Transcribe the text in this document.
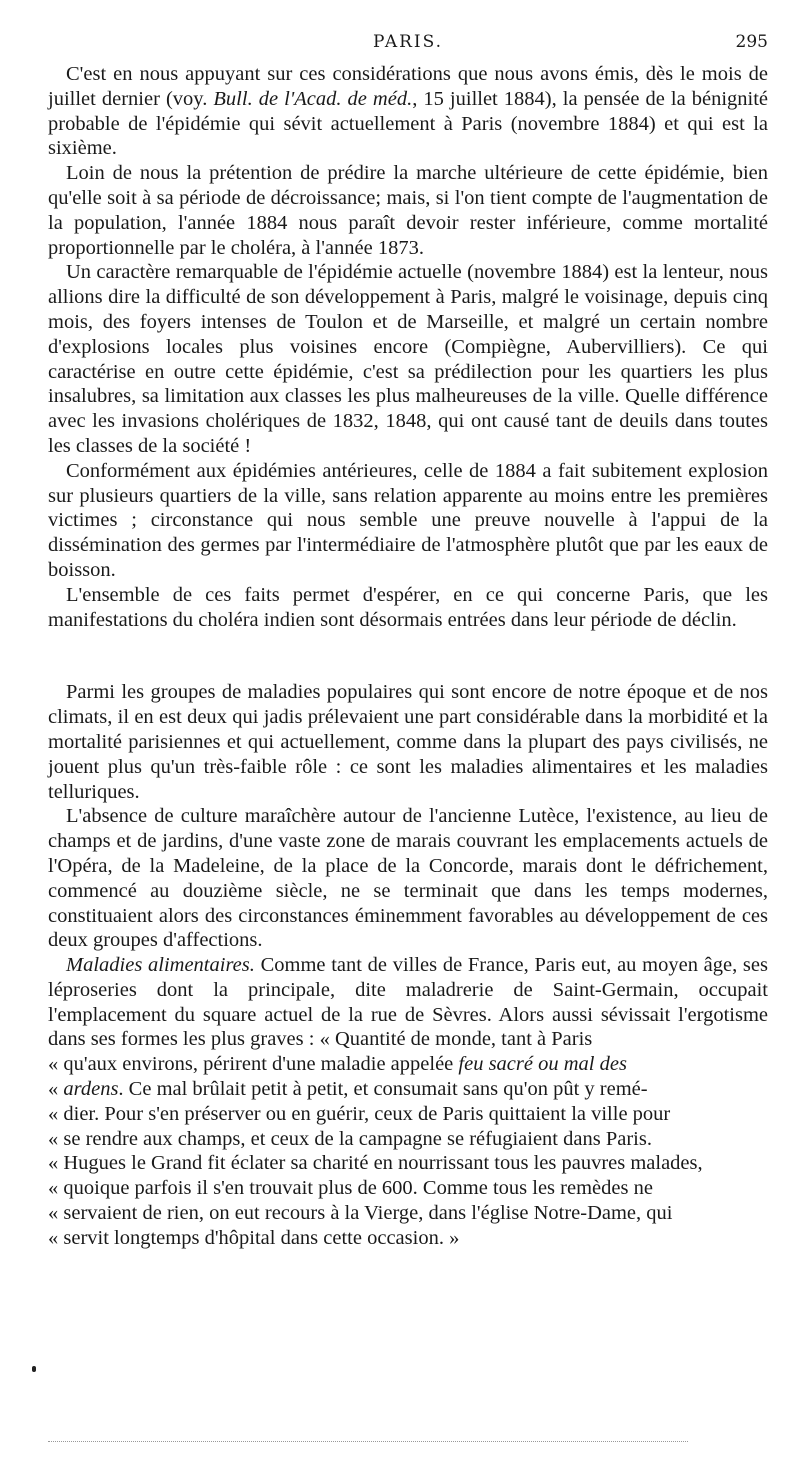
PARIS.	295

C'est en nous appuyant sur ces considérations que nous avons émis, dès le mois de juillet dernier (voy. Bull. de l'Acad. de méd., 15 juillet 1884), la pensée de la bénignité probable de l'épidémie qui sévit actuellement à Paris (novembre 1884) et qui est la sixième.

Loin de nous la prétention de prédire la marche ultérieure de cette épidémie, bien qu'elle soit à sa période de décroissance; mais, si l'on tient compte de l'augmentation de la population, l'année 1884 nous paraît devoir rester inférieure, comme mortalité proportionnelle par le choléra, à l'année 1873.

Un caractère remarquable de l'épidémie actuelle (novembre 1884) est la lenteur, nous allions dire la difficulté de son développement à Paris, malgré le voisinage, depuis cinq mois, des foyers intenses de Toulon et de Marseille, et malgré un certain nombre d'explosions locales plus voisines encore (Compiègne, Aubervilliers). Ce qui caractérise en outre cette épidémie, c'est sa prédilection pour les quartiers les plus insalubres, sa limitation aux classes les plus malheureuses de la ville. Quelle différence avec les invasions cholériques de 1832, 1848, qui ont causé tant de deuils dans toutes les classes de la société !

Conformément aux épidémies antérieures, celle de 1884 a fait subitement explosion sur plusieurs quartiers de la ville, sans relation apparente au moins entre les premières victimes ; circonstance qui nous semble une preuve nouvelle à l'appui de la dissémination des germes par l'intermédiaire de l'atmosphère plutôt que par les eaux de boisson.

L'ensemble de ces faits permet d'espérer, en ce qui concerne Paris, que les manifestations du choléra indien sont désormais entrées dans leur période de déclin.

Parmi les groupes de maladies populaires qui sont encore de notre époque et de nos climats, il en est deux qui jadis prélevaient une part considérable dans la morbidité et la mortalité parisiennes et qui actuellement, comme dans la plupart des pays civilisés, ne jouent plus qu'un très-faible rôle : ce sont les maladies alimentaires et les maladies telluriques.

L'absence de culture maraîchère autour de l'ancienne Lutèce, l'existence, au lieu de champs et de jardins, d'une vaste zone de marais couvrant les emplacements actuels de l'Opéra, de la Madeleine, de la place de la Concorde, marais dont le défrichement, commencé au douzième siècle, ne se terminait que dans les temps modernes, constituaient alors des circonstances éminemment favorables au développement de ces deux groupes d'affections.

Maladies alimentaires. Comme tant de villes de France, Paris eut, au moyen âge, ses léproseries dont la principale, dite maladrerie de Saint-Germain, occupait l'emplacement du square actuel de la rue de Sèvres. Alors aussi sévissait l'ergotisme dans ses formes les plus graves : « Quantité de monde, tant à Paris
« qu'aux environs, périrent d'une maladie appelée feu sacré ou mal des
« ardens. Ce mal brûlait petit à petit, et consumait sans qu'on pût y remé-
« dier. Pour s'en préserver ou en guérir, ceux de Paris quittaient la ville pour
« se rendre aux champs, et ceux de la campagne se réfugiaient dans Paris.
« Hugues le Grand fit éclater sa charité en nourrissant tous les pauvres malades,
« quoique parfois il s'en trouvait plus de 600. Comme tous les remèdes ne
« servaient de rien, on eut recours à la Vierge, dans l'église Notre-Dame, qui
« servit longtemps d'hôpital dans cette occasion. »
